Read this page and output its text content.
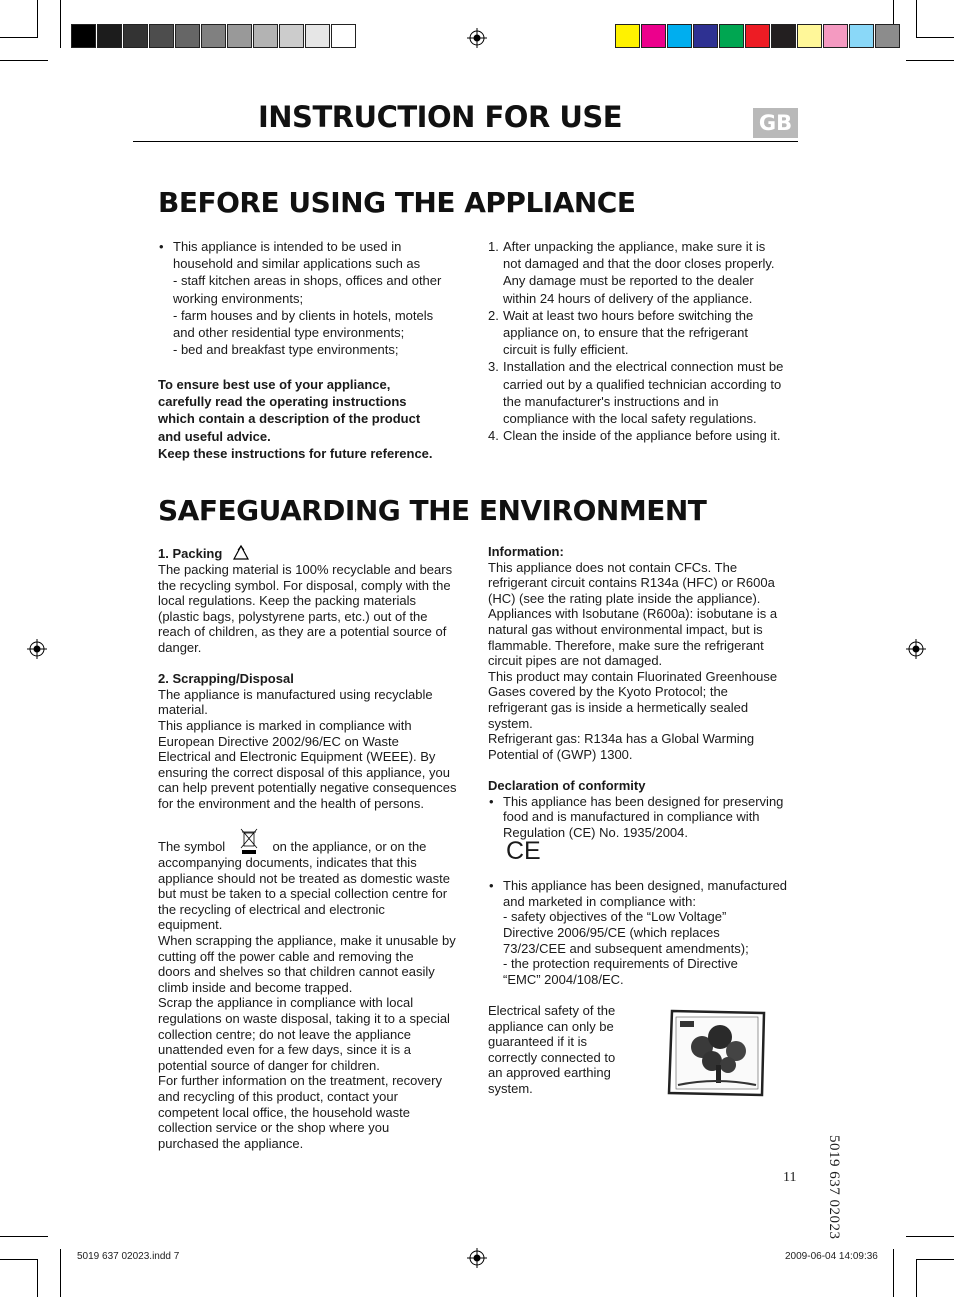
INSTRUCTION FOR USE	GB
BEFORE USING THE APPLIANCE
• This appliance is intended to be used in
household and similar applications such as
- staff kitchen areas in shops, offices and other
working environments;
- farm houses and by clients in hotels, motels
and other residential type environments;
- bed and breakfast type environments;
To ensure best use of your appliance,
carefully read the operating instructions
which contain a description of the product
and useful advice.
Keep these instructions for future reference.
1. After unpacking the appliance, make sure it is
not damaged and that the door closes properly.
Any damage must be reported to the dealer
within 24 hours of delivery of the appliance.
2. Wait at least two hours before switching the
appliance on, to ensure that the refrigerant
circuit is fully efficient.
3. Installation and the electrical connection must be
carried out by a qualified technician according to
the manufacturer's instructions and in
compliance with the local safety regulations.
4. Clean the inside of the appliance before using it.
SAFEGUARDING THE ENVIRONMENT
1. Packing
The packing material is 100% recyclable and bears
the recycling symbol. For disposal, comply with the
local regulations. Keep the packing materials
(plastic bags, polystyrene parts, etc.) out of the
reach of children, as they are a potential source of
danger.
2. Scrapping/Disposal
The appliance is manufactured using recyclable
material.
This appliance is marked in compliance with
European Directive 2002/96/EC on Waste
Electrical and Electronic Equipment (WEEE). By
ensuring the correct disposal of this appliance, you
can help prevent potentially negative consequences
for the environment and the health of persons.
The symbol	on the appliance, or on the
accompanying documents, indicates that this
appliance should not be treated as domestic waste
but must be taken to a special collection centre for
the recycling of electrical and electronic
equipment.
When scrapping the appliance, make it unusable by
cutting off the power cable and removing the
doors and shelves so that children cannot easily
climb inside and become trapped.
Scrap the appliance in compliance with local
regulations on waste disposal, taking it to a special
collection centre; do not leave the appliance
unattended even for a few days, since it is a
potential source of danger for children.
For further information on the treatment, recovery
and recycling of this product, contact your
competent local office, the household waste
collection service or the shop where you
purchased the appliance.
Information:
This appliance does not contain CFCs. The
refrigerant circuit contains R134a (HFC) or R600a
(HC) (see the rating plate inside the appliance).
Appliances with Isobutane (R600a): isobutane is a
natural gas without environmental impact, but is
flammable. Therefore, make sure the refrigerant
circuit pipes are not damaged.
This product may contain Fluorinated Greenhouse
Gases covered by the Kyoto Protocol; the
refrigerant gas is inside a hermetically sealed
system.
Refrigerant gas: R134a has a Global Warming
Potential of (GWP) 1300.
Declaration of conformity
• This appliance has been designed for preserving
food and is manufactured in compliance with
Regulation (CE) No. 1935/2004.
CE
• This appliance has been designed, manufactured
and marketed in compliance with:
- safety objectives of the “Low Voltage”
Directive 2006/95/CE (which replaces
73/23/CEE and subsequent amendments);
- the protection requirements of Directive
“EMC” 2004/108/EC.
Electrical safety of the
appliance can only be
guaranteed if it is
correctly connected to
an approved earthing
system.
11 5019 637 02023
5019 637 02023.indd 7	2009-06-04 14:09:36
